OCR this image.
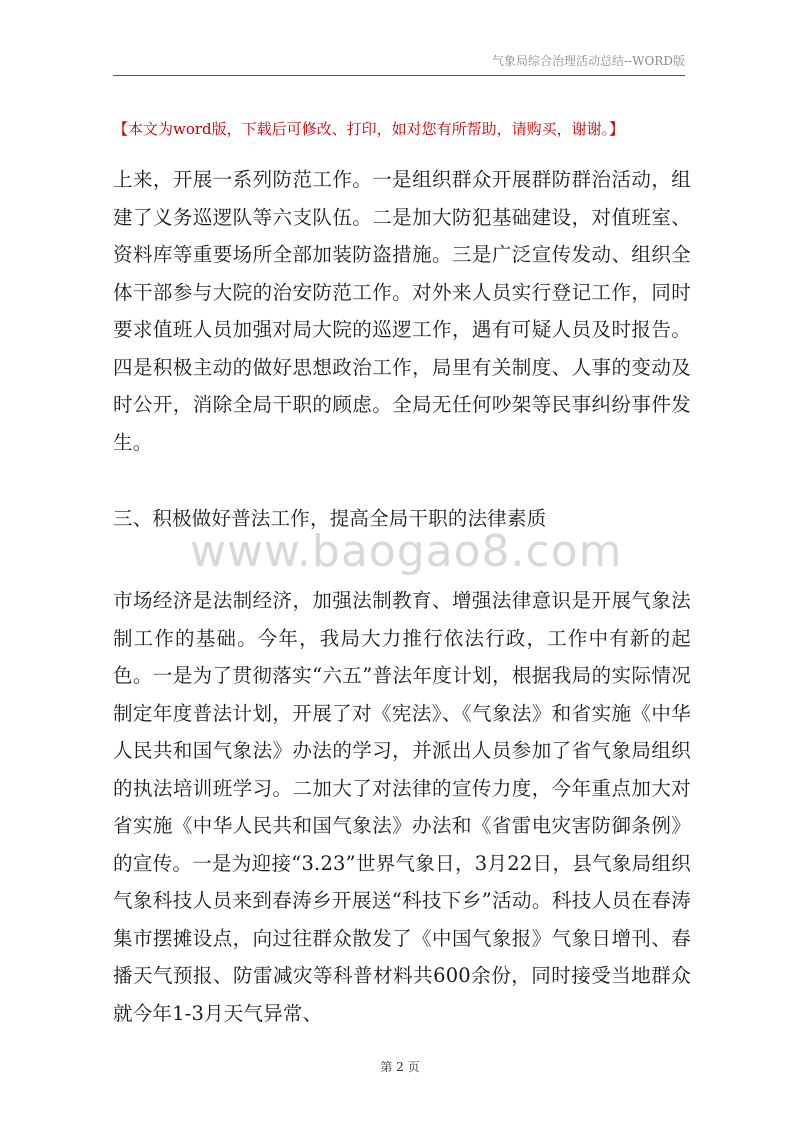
气象局综合治理活动总结--WORD版
【本文为word版，下载后可修改、打印，如对您有所帮助，请购买，谢谢。】

上来，开展一系列防范工作。一是组织群众开展群防群治活动，组建了义务巡逻队等六支队伍。二是加大防犯基础建设，对值班室、资料库等重要场所全部加装防盗措施。三是广泛宣传发动、组织全体干部参与大院的治安防范工作。对外来人员实行登记工作，同时要求值班人员加强对局大院的巡逻工作，遇有可疑人员及时报告。四是积极主动的做好思想政治工作，局里有关制度、人事的变动及时公开，消除全局干职的顾虑。全局无任何吵架等民事纠纷事件发生。

三、积极做好普法工作，提高全局干职的法律素质

www.baogao8.com

市场经济是法制经济，加强法制教育、增强法律意识是开展气象法制工作的基础。今年，我局大力推行依法行政，工作中有新的起色。一是为了贯彻落实“六五”普法年度计划，根据我局的实际情况制定年度普法计划，开展了对《宪法》、《气象法》和省实施《中华人民共和国气象法》办法的学习，并派出人员参加了省气象局组织的执法培训班学习。二加大了对法律的宣传力度，今年重点加大对省实施《中华人民共和国气象法》办法和《省雷电灾害防御条例》的宣传。一是为迎接“3.23”世界气象日，3月22日，县气象局组织气象科技人员来到春涛乡开展送“科技下乡”活动。科技人员在春涛集市摆摊设点，向过往群众散发了《中国气象报》气象日增刊、春播天气预报、防雷减灾等科普材料共600余份，同时接受当地群众就今年1-3月天气异常、

第 2 页
